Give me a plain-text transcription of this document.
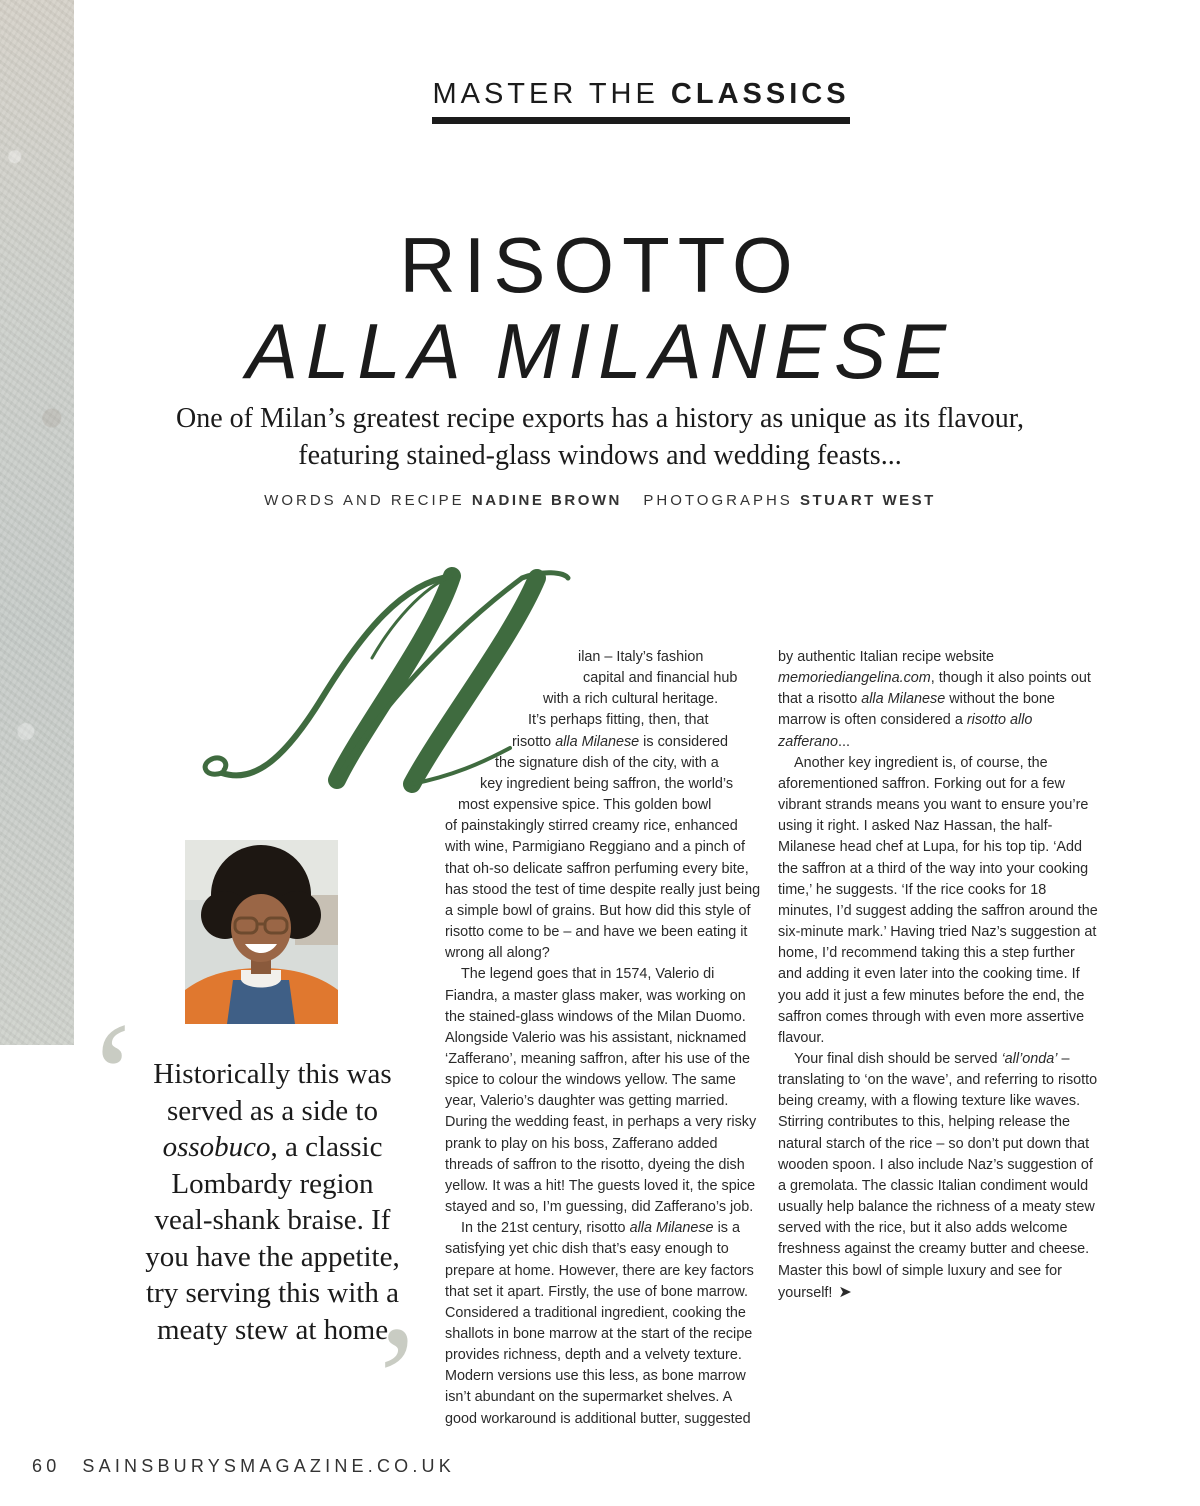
MASTER THE CLASSICS
RISOTTO
ALLA MILANESE
One of Milan’s greatest recipe exports has a history as unique as its flavour, featuring stained-glass windows and wedding feasts...
WORDS AND RECIPE NADINE BROWN PHOTOGRAPHS STUART WEST
‘ Historically this was served as a side to ossobuco, a classic Lombardy region veal-shank braise. If you have the appetite, try serving this with a meaty stew at home
’

ilan – Italy’s fashion

capital and financial hub

with a rich cultural heritage.

It’s perhaps fitting, then, that

risotto alla Milanese is considered

the signature dish of the city, with a

key ingredient being saffron, the world’s

most expensive spice. This golden bowl

of painstakingly stirred creamy rice, enhanced with wine, Parmigiano Reggiano and a pinch of that oh-so delicate saffron perfuming every bite, has stood the test of time despite really just being a simple bowl of grains. But how did this style of risotto come to be – and have we been eating it wrong all along?

The legend goes that in 1574, Valerio di Fiandra, a master glass maker, was working on the stained-glass windows of the Milan Duomo. Alongside Valerio was his assistant, nicknamed ‘Zafferano’, meaning saffron, after his use of the spice to colour the windows yellow. The same year, Valerio’s daughter was getting married. During the wedding feast, in perhaps a very risky prank to play on his boss, Zafferano added threads of saffron to the risotto, dyeing the dish yellow. It was a hit! The guests loved it, the spice stayed and so, I’m guessing, did Zafferano’s job.

In the 21st century, risotto alla Milanese is a satisfying yet chic dish that’s easy enough to prepare at home. However, there are key factors that set it apart. Firstly, the use of bone marrow. Considered a traditional ingredient, cooking the shallots in bone marrow at the start of the recipe provides richness, depth and a velvety texture. Modern versions use this less, as bone marrow isn’t abundant on the supermarket shelves. A good workaround is additional butter, suggested

by authentic Italian recipe website memoriediangelina.com, though it also points out that a risotto alla Milanese without the bone marrow is often considered a risotto allo zafferano...

Another key ingredient is, of course, the aforementioned saffron. Forking out for a few vibrant strands means you want to ensure you’re using it right. I asked Naz Hassan, the half-Milanese head chef at Lupa, for his top tip. ‘Add the saffron at a third of the way into your cooking time,’ he suggests. ‘If the rice cooks for 18 minutes, I’d suggest adding the saffron around the six-minute mark.’ Having tried Naz’s suggestion at home, I’d recommend taking this a step further and adding it even later into the cooking time. If you add it just a few minutes before the end, the saffron comes through with even more assertive flavour.

Your final dish should be served ‘all’onda’ – translating to ‘on the wave’, and referring to risotto being creamy, with a flowing texture like waves. Stirring contributes to this, helping release the natural starch of the rice – so don’t put down that wooden spoon. I also include Naz’s suggestion of a gremolata. The classic Italian condiment would usually help balance the richness of a meaty stew served with the rice, but it also adds welcome freshness against the creamy butter and cheese. Master this bowl of simple luxury and see for yourself! ➤

60 SAINSBURYSMAGAZINE.CO.UK
